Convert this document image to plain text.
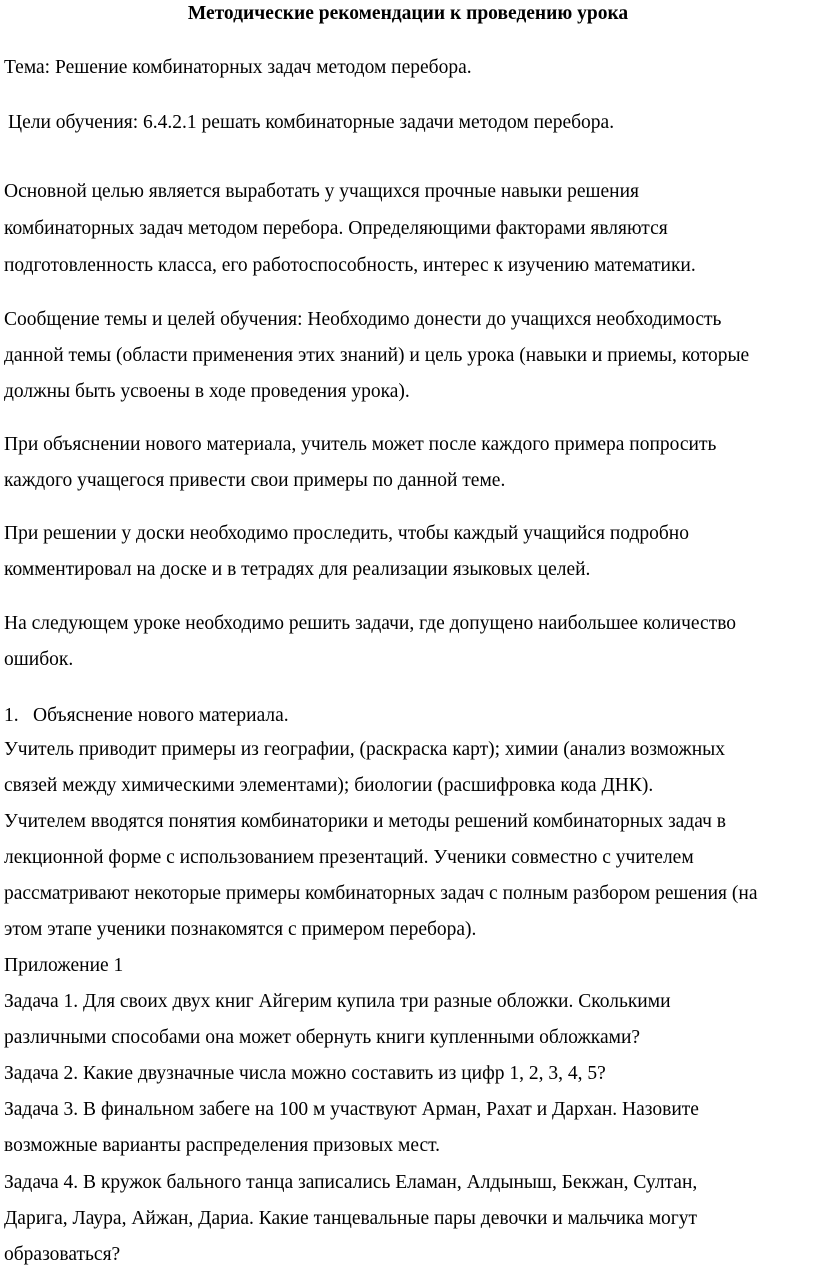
Методические рекомендации к проведению урока
Тема: Решение комбинаторных задач методом перебора.
Цели обучения: 6.4.2.1 решать комбинаторные задачи методом перебора.
Основной целью является выработать у учащихся прочные навыки решения
комбинаторных задач методом перебора. Определяющими факторами являются
подготовленность класса, его работоспособность, интерес к изучению математики.
Сообщение темы и целей обучения: Необходимо донести до учащихся необходимость
данной темы (области применения этих знаний) и цель урока (навыки и приемы, которые
должны быть усвоены в ходе проведения урока).
При объяснении нового материала, учитель может после каждого примера попросить
каждого учащегося привести свои примеры по данной теме.
При решении у доски необходимо проследить, чтобы каждый учащийся подробно
комментировал на доске и в тетрадях для реализации языковых целей.
На следующем уроке необходимо решить задачи, где допущено наибольшее количество
ошибок.
1. Объяснение нового материала.
Учитель приводит примеры из географии, (раскраска карт); химии (анализ возможных
связей между химическими элементами); биологии (расшифровка кода ДНК).
Учителем вводятся понятия комбинаторики и методы решений комбинаторных задач в
лекционной форме с использованием презентаций. Ученики совместно с учителем
рассматривают некоторые примеры комбинаторных задач с полным разбором решения (на
этом этапе ученики познакомятся с примером перебора).
Приложение 1
Задача 1. Для своих двух книг Айгерим купила три разные обложки. Сколькими
различными способами она может обернуть книги купленными обложками?
Задача 2. Какие двузначные числа можно составить из цифр 1, 2, 3, 4, 5?
Задача 3. В финальном забеге на 100 м участвуют Арман, Рахат и Дархан. Назовите
возможные варианты распределения призовых мест.
Задача 4. В кружок бального танца записались Еламан, Алдыныш, Бекжан, Султан,
Дарига, Лаура, Айжан, Дариа. Какие танцевальные пары девочки и мальчика могут
образоваться?
